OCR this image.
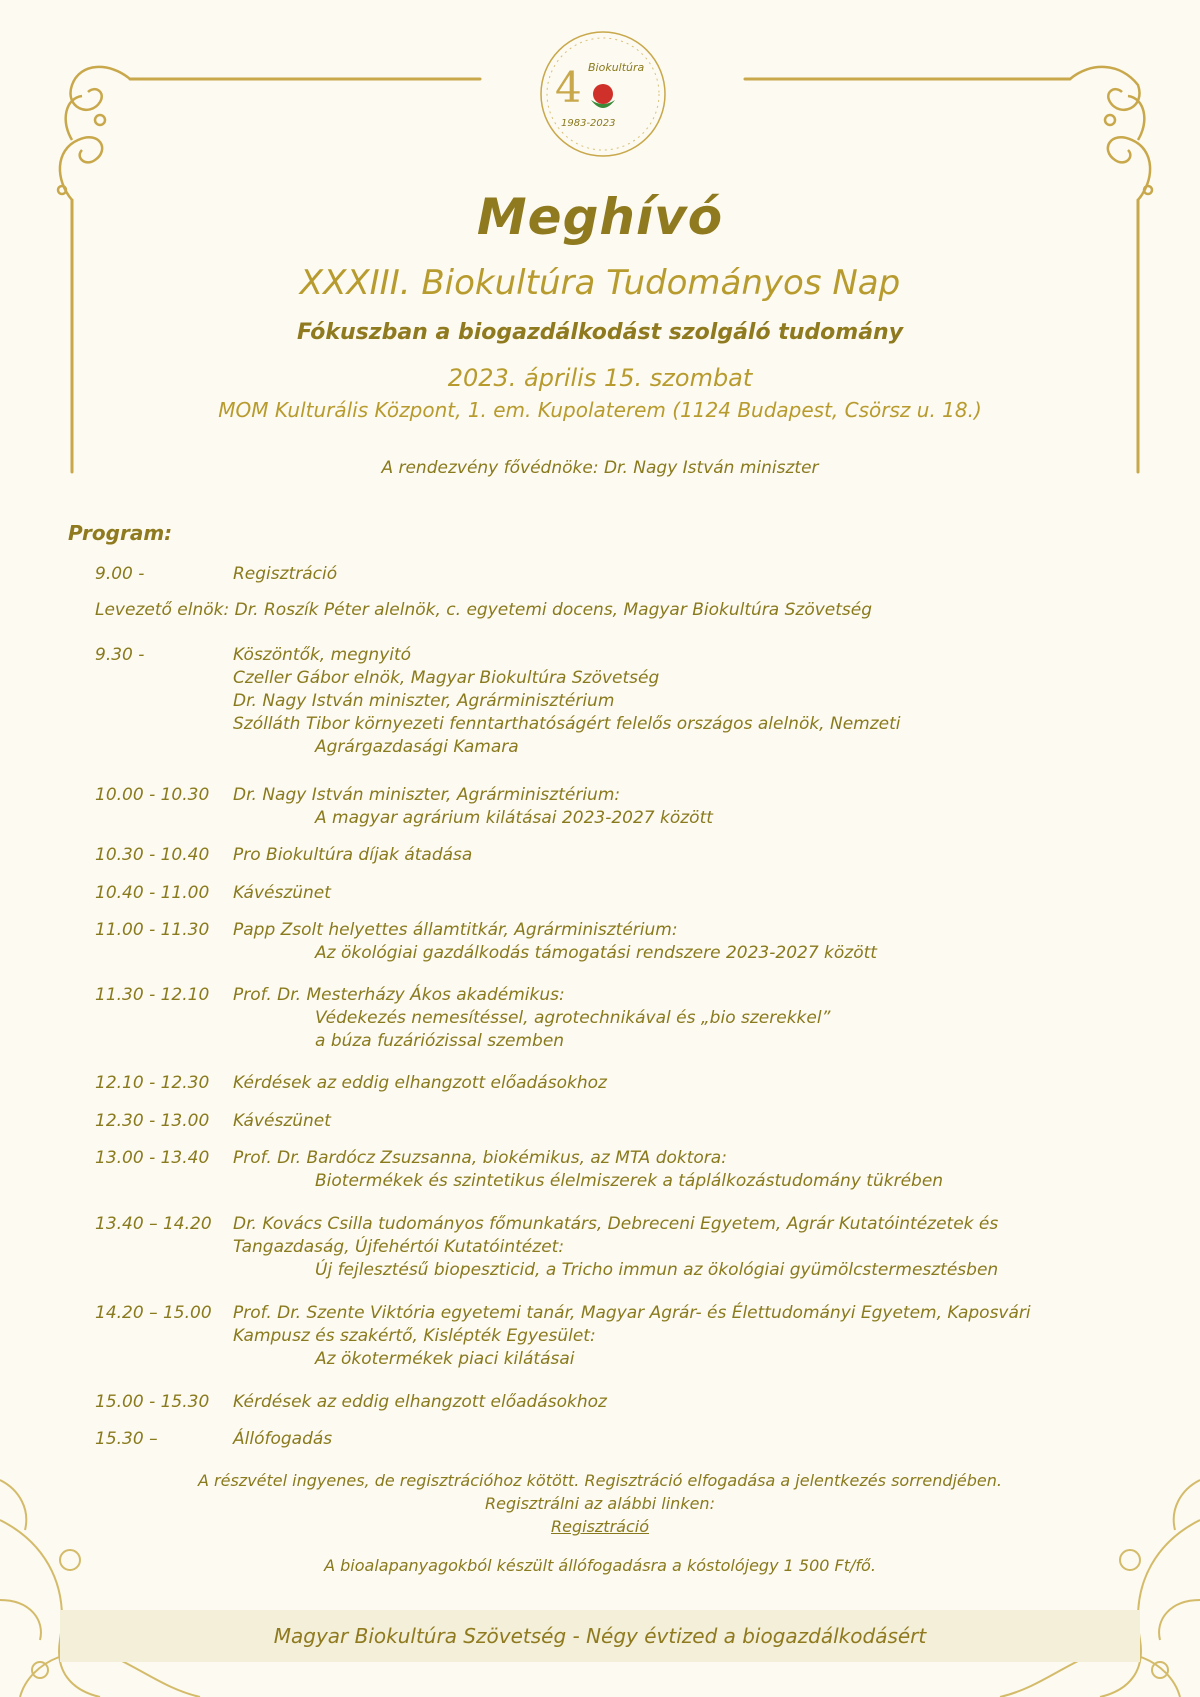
4 Biokultúra
1983-2023
Meghívó
XXXIII. Biokultúra Tudományos Nap
Fókuszban a biogazdálkodást szolgáló tudomány
2023. április 15. szombat
MOM Kulturális Központ, 1. em. Kupolaterem (1124 Budapest, Csörsz u. 18.)
A rendezvény fővédnöke: Dr. Nagy István miniszter
Program:
9.00 -	Regisztráció
Levezető elnök: Dr. Roszík Péter alelnök, c. egyetemi docens, Magyar Biokultúra Szövetség
9.30 -	Köszöntők, megnyitó
Czeller Gábor elnök, Magyar Biokultúra Szövetség
Dr. Nagy István miniszter, Agrárminisztérium
Szólláth Tibor környezeti fenntarthatóságért felelős országos alelnök, Nemzeti
Agrárgazdasági Kamara
10.00 - 10.30 Dr. Nagy István miniszter, Agrárminisztérium:
A magyar agrárium kilátásai 2023-2027 között
10.30 - 10.40 Pro Biokultúra díjak átadása
10.40 - 11.00 Kávészünet
11.00 - 11.30 Papp Zsolt helyettes államtitkár, Agrárminisztérium:
Az ökológiai gazdálkodás támogatási rendszere 2023-2027 között
11.30 - 12.10 Prof. Dr. Mesterházy Ákos akadémikus:
Védekezés nemesítéssel, agrotechnikával és „bio szerekkel”
a búza fuzáriózissal szemben
12.10 - 12.30 Kérdések az eddig elhangzott előadásokhoz
12.30 - 13.00 Kávészünet
13.00 - 13.40 Prof. Dr. Bardócz Zsuzsanna, biokémikus, az MTA doktora:
Biotermékek és szintetikus élelmiszerek a táplálkozástudomány tükrében
13.40 – 14.20 Dr. Kovács Csilla tudományos főmunkatárs, Debreceni Egyetem, Agrár Kutatóintézetek és
Tangazdaság, Újfehértói Kutatóintézet:
Új fejlesztésű biopeszticid, a Tricho immun az ökológiai gyümölcstermesztésben
14.20 – 15.00 Prof. Dr. Szente Viktória egyetemi tanár, Magyar Agrár- és Élettudományi Egyetem, Kaposvári
Kampusz és szakértő, Kislépték Egyesület:
Az ökotermékek piaci kilátásai
15.00 - 15.30 Kérdések az eddig elhangzott előadásokhoz
15.30 –	Állófogadás
A részvétel ingyenes, de regisztrációhoz kötött. Regisztráció elfogadása a jelentkezés sorrendjében.
Regisztrálni az alábbi linken:
Regisztráció
A bioalapanyagokból készült állófogadásra a kóstolójegy 1 500 Ft/fő.
Magyar Biokultúra Szövetség - Négy évtized a biogazdálkodásért
